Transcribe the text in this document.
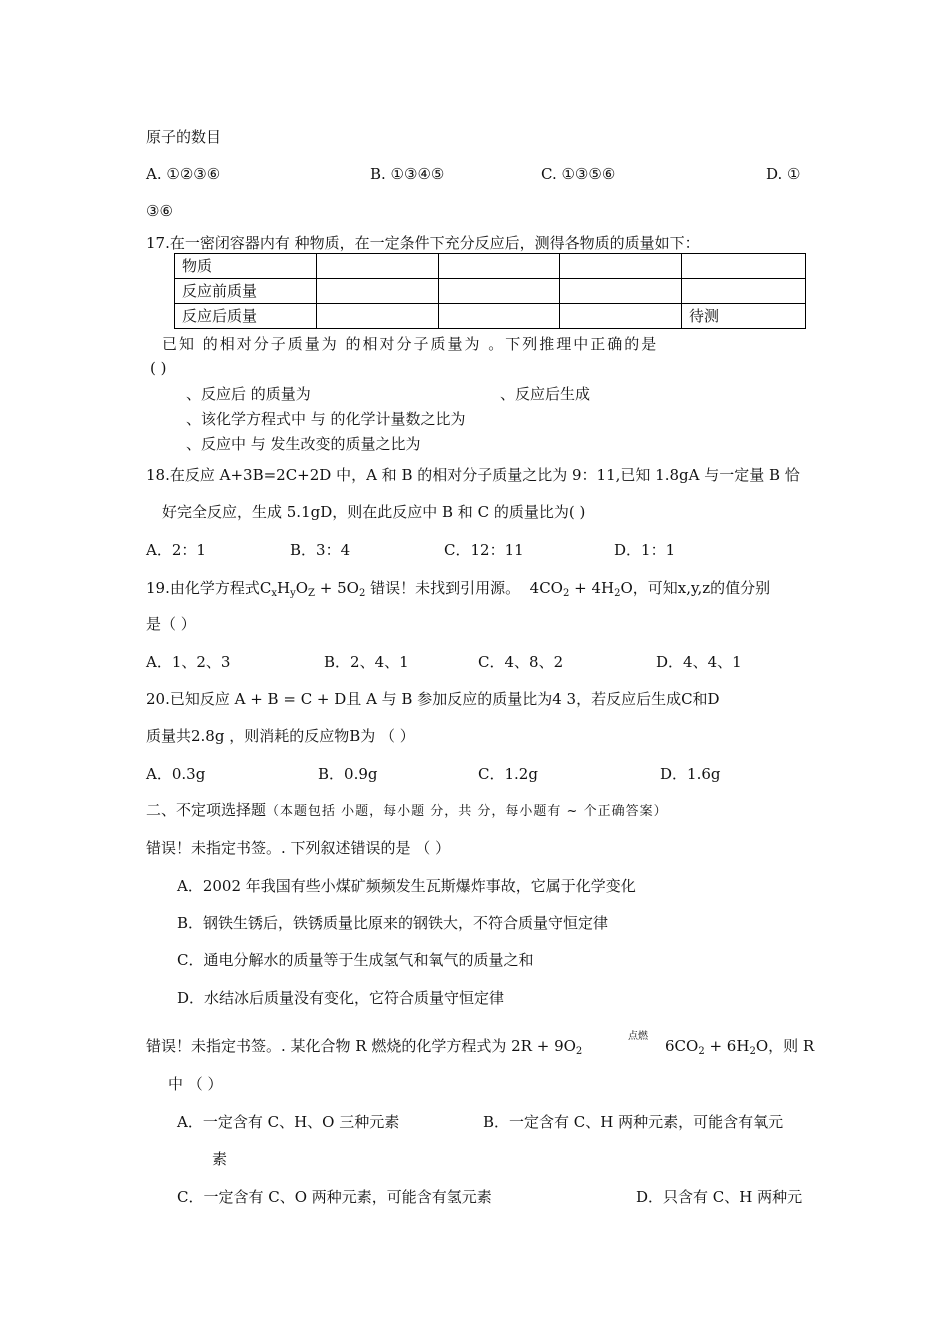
原子的数目
A. ①②③⑥	B. ①③④⑤	C. ①③⑤⑥	D. ①
③⑥
17.在一密闭容器内有 种物质，在一定条件下充分反应后，测得各物质的质量如下：
物质				
反应前质量				
反应后质量				待测
已知 的相对分子质量为 的相对分子质量为 。下列推理中正确的是
( )
、反应后 的质量为	、反应后生成
、该化学方程式中 与 的化学计量数之比为
、反应中 与 发生改变的质量之比为
18.在反应 A+3B=2C+2D 中，A 和 B 的相对分子质量之比为 9：11,已知 1.8gA 与一定量 B 恰
好完全反应，生成 5.1gD，则在此反应中 B 和 C 的质量比为( )
A．2：1	B．3：4	C．12：11	D．1：1
19.由化学方程式$C_xH_yO_Z + 5O_2$ 错误！未找到引用源。 $4CO_2 + 4H_2O$，可知x,y,z的值分别
是（ ）
A．1、2、3	B．2、4、1	C．4、8、2	D．4、4、1
20.已知反应 A + B = C + D且 A 与 B 参加反应的质量比为4 3，若反应后生成C和D
质量共2.8g ，则消耗的反应物B为 （ ）
A．0.3g	B．0.9g	C．1.2g	D．1.6g
二、不定项选择题（本题包括 小题，每小题 分，共 分，每小题有 ~ 个正确答案）
错误！未指定书签。. 下列叙述错误的是 （ ）
A．2002 年我国有些小煤矿频频发生瓦斯爆炸事故，它属于化学变化
B．钢铁生锈后，铁锈质量比原来的钢铁大，不符合质量守恒定律
C．通电分解水的质量等于生成氢气和氧气的质量之和
D．水结冰后质量没有变化，它符合质量守恒定律
点燃
错误！未指定书签。. 某化合物 R 燃烧的化学方程式为 $2R + 9O_2$	$6CO_2 + 6H_2O$，则 R
中 （ ）
A．一定含有 C、H、O 三种元素	B．一定含有 C、H 两种元素，可能含有氧元
素
C．一定含有 C、O 两种元素，可能含有氢元素	D．只含有 C、H 两种元
